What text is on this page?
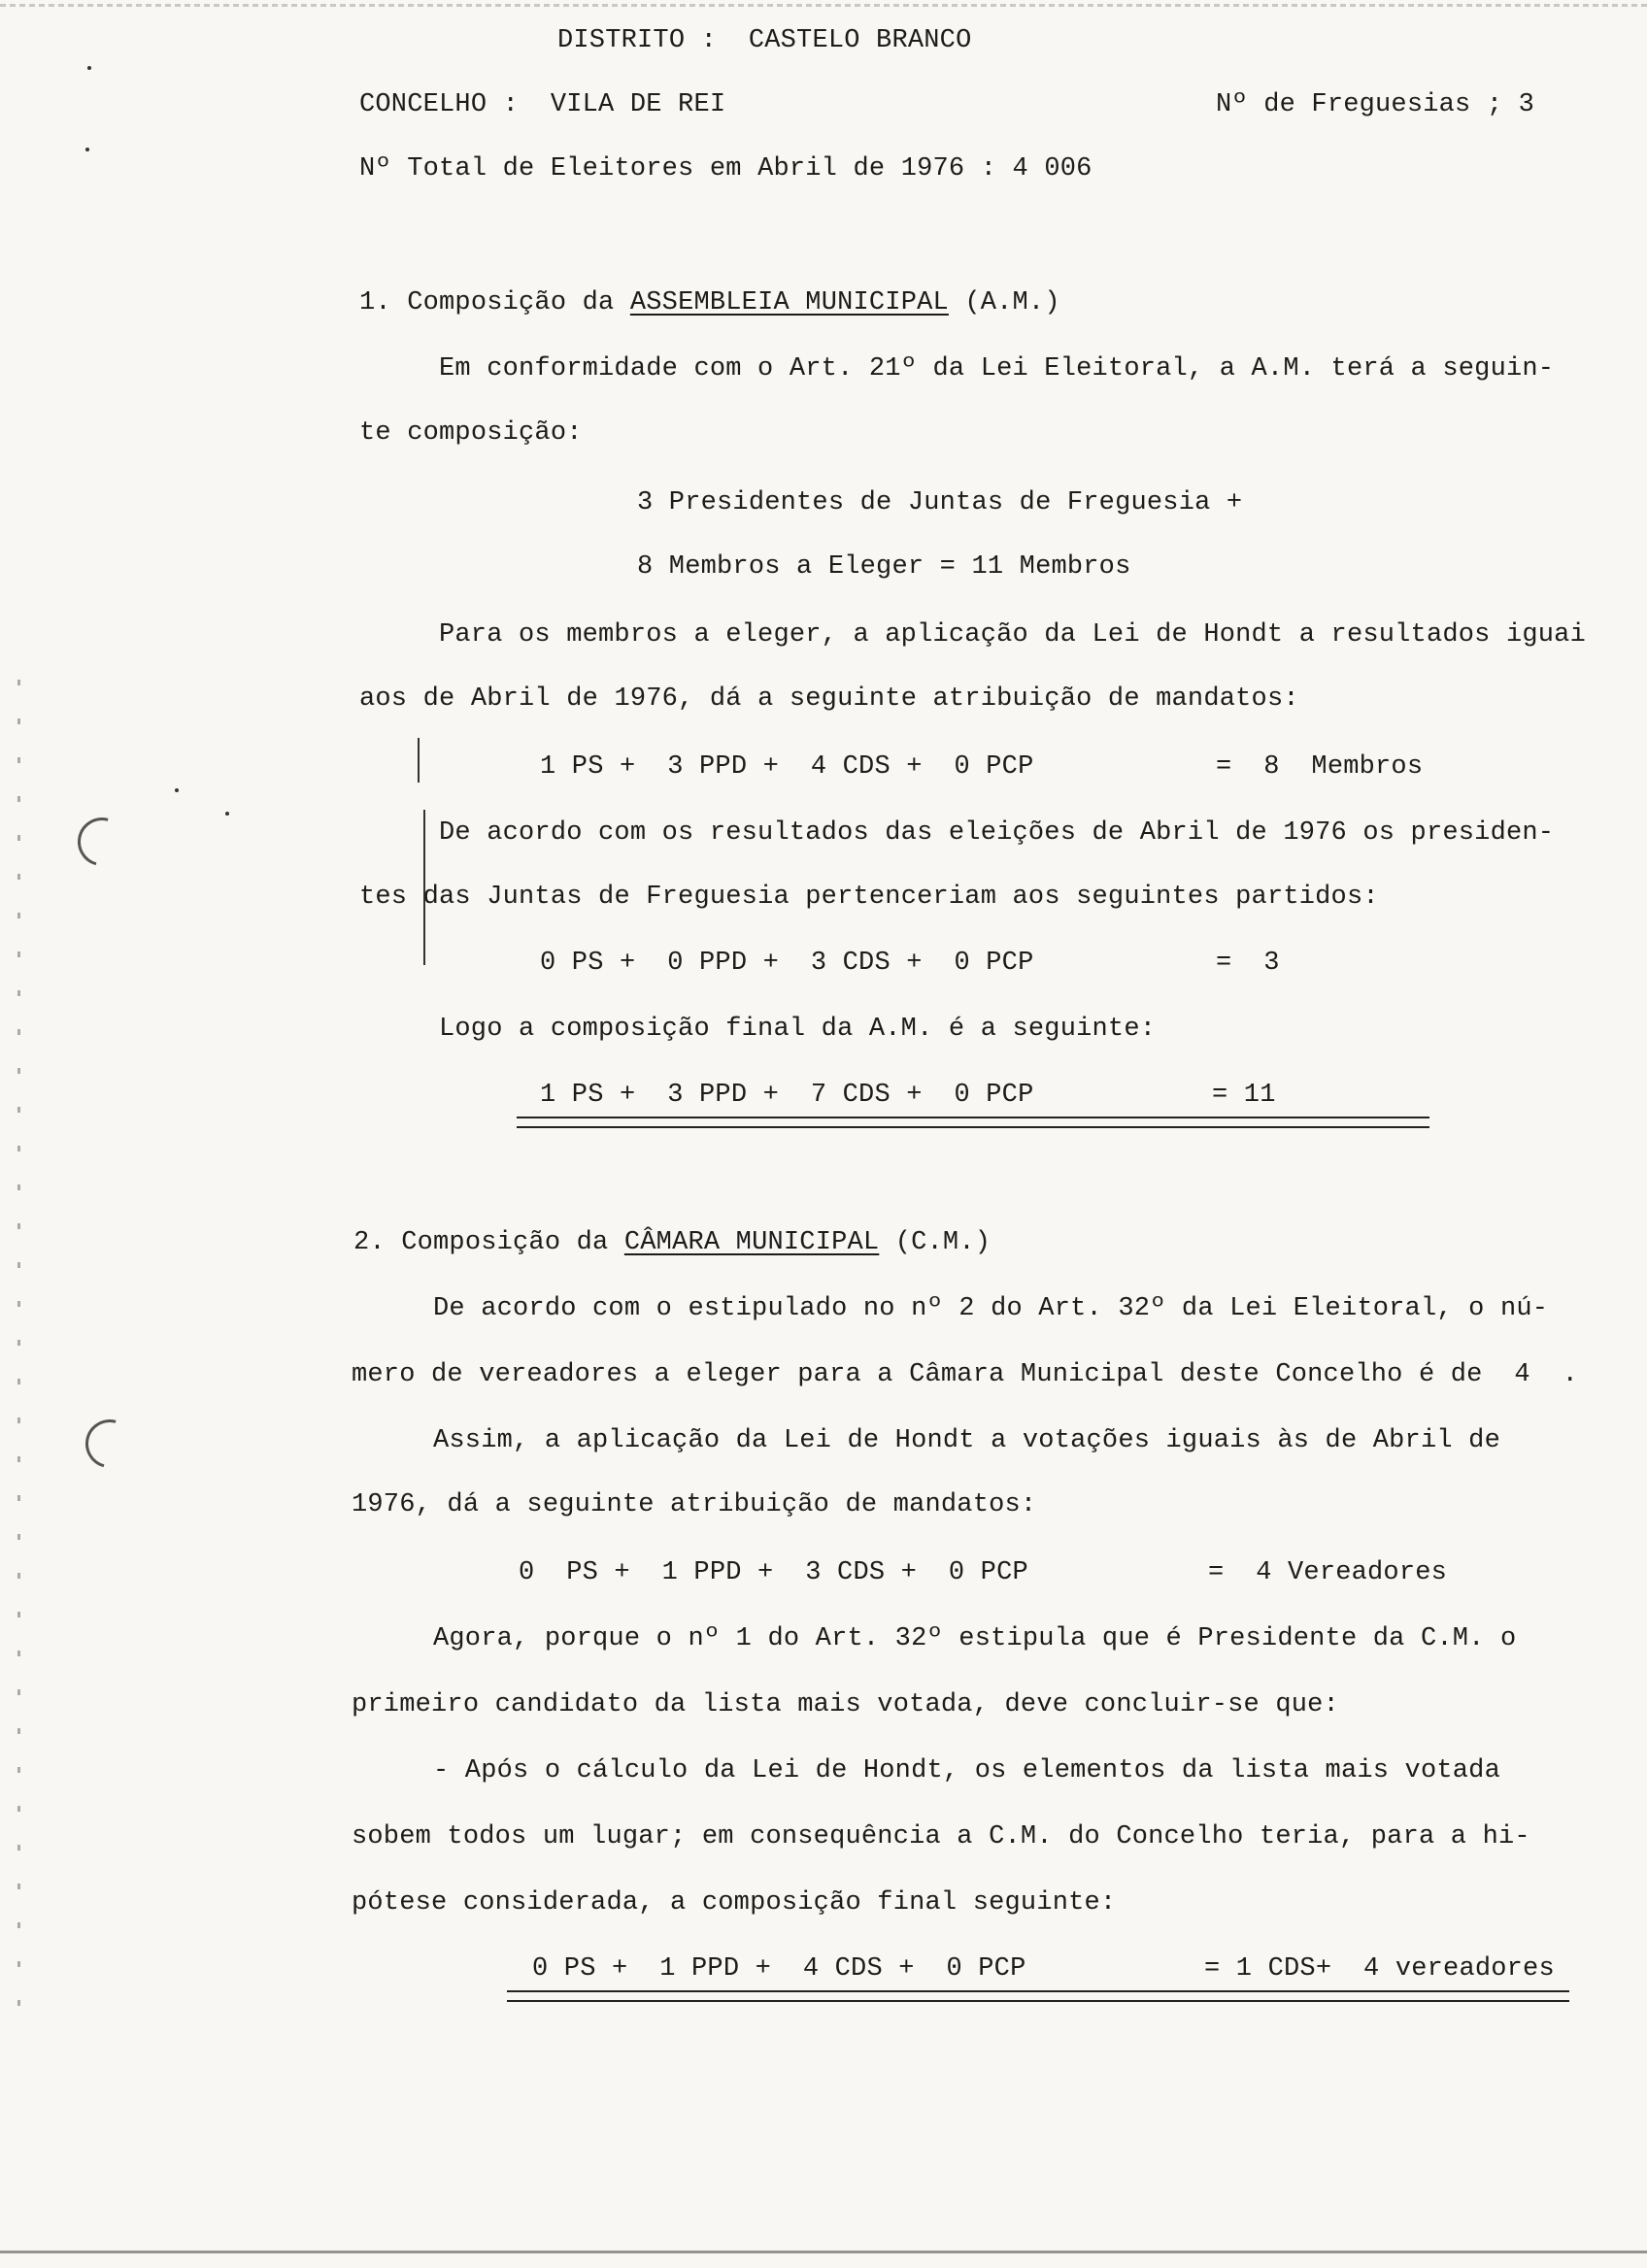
DISTRITO :  CASTELO BRANCO
CONCELHO :  VILA DE REI	Nº de Freguesias ; 3
Nº Total de Eleitores em Abril de 1976 : 4 006
1. Composição da ASSEMBLEIA MUNICIPAL (A.M.)
Em conformidade com o Art. 21º da Lei Eleitoral, a A.M. terá a seguin-
te composição:
3 Presidentes de Juntas de Freguesia +
8 Membros a Eleger = 11 Membros
Para os membros a eleger, a aplicação da Lei de Hondt a resultados iguai
aos de Abril de 1976, dá a seguinte atribuição de mandatos:
1 PS +  3 PPD +  4 CDS +  0 PCP	=  8  Membros
De acordo com os resultados das eleições de Abril de 1976 os presiden-
tes das Juntas de Freguesia pertenceriam aos seguintes partidos:
0 PS +  0 PPD +  3 CDS +  0 PCP	=  3
Logo a composição final da A.M. é a seguinte:
1 PS +  3 PPD +  7 CDS +  0 PCP	= 11
2. Composição da CÂMARA MUNICIPAL (C.M.)
De acordo com o estipulado no nº 2 do Art. 32º da Lei Eleitoral, o nú-
mero de vereadores a eleger para a Câmara Municipal deste Concelho é de  4  .
Assim, a aplicação da Lei de Hondt a votações iguais às de Abril de
1976, dá a seguinte atribuição de mandatos:
0  PS +  1 PPD +  3 CDS +  0 PCP	=  4 Vereadores
Agora, porque o nº 1 do Art. 32º estipula que é Presidente da C.M. o
primeiro candidato da lista mais votada, deve concluir-se que:
- Após o cálculo da Lei de Hondt, os elementos da lista mais votada
sobem todos um lugar; em consequência a C.M. do Concelho teria, para a hi-
pótese considerada, a composição final seguinte:
0 PS +  1 PPD +  4 CDS +  0 PCP	= 1 CDS+  4 vereadores
